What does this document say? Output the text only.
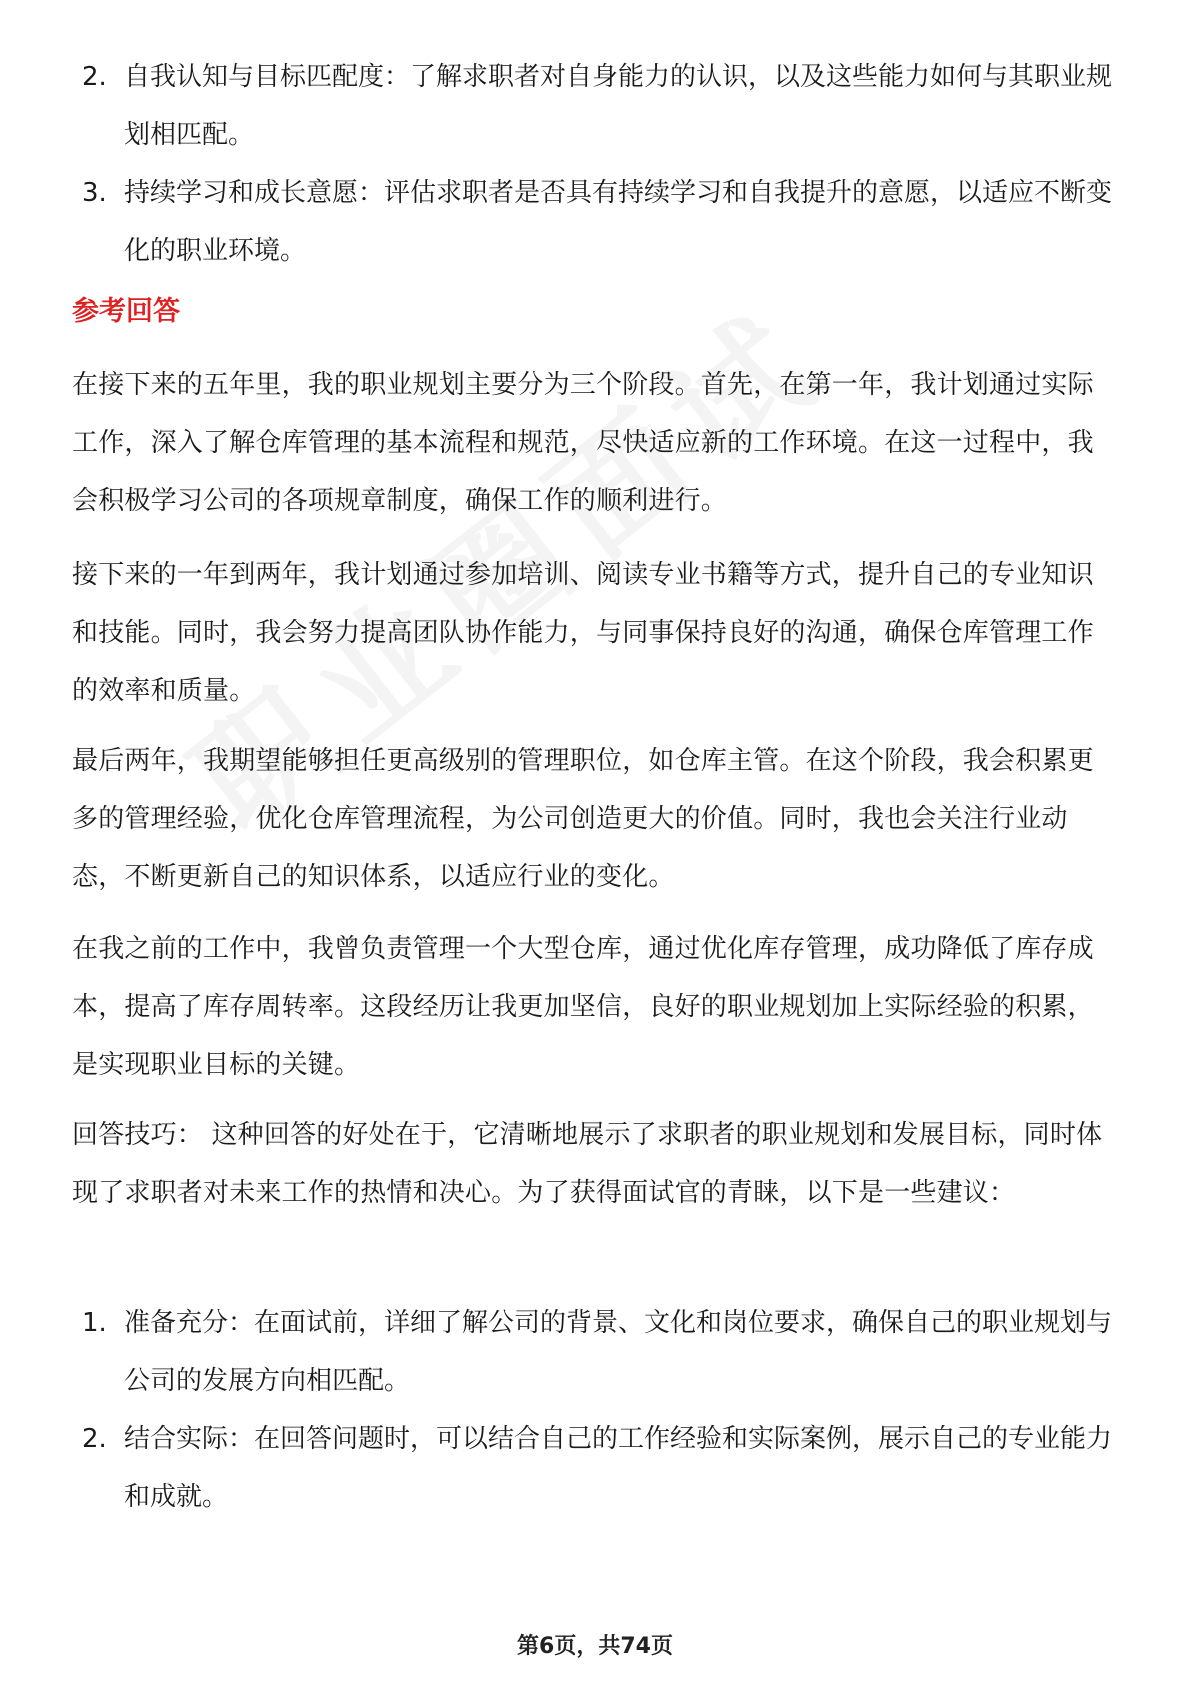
2. 自我认知与目标匹配度：了解求职者对自身能力的认识，以及这些能力如何与其职业规划相匹配。
3. 持续学习和成长意愿：评估求职者是否具有持续学习和自我提升的意愿，以适应不断变化的职业环境。
参考回答

在接下来的五年里，我的职业规划主要分为三个阶段。首先，在第一年，我计划通过实际工作，深入了解仓库管理的基本流程和规范，尽快适应新的工作环境。在这一过程中，我会积极学习公司的各项规章制度，确保工作的顺利进行。

接下来的一年到两年，我计划通过参加培训、阅读专业书籍等方式，提升自己的专业知识和技能。同时，我会努力提高团队协作能力，与同事保持良好的沟通，确保仓库管理工作的效率和质量。

最后两年，我期望能够担任更高级别的管理职位，如仓库主管。在这个阶段，我会积累更多的管理经验，优化仓库管理流程，为公司创造更大的价值。同时，我也会关注行业动态，不断更新自己的知识体系，以适应行业的变化。

在我之前的工作中，我曾负责管理一个大型仓库，通过优化库存管理，成功降低了库存成本，提高了库存周转率。这段经历让我更加坚信，良好的职业规划加上实际经验的积累，是实现职业目标的关键。

回答技巧： 这种回答的好处在于，它清晰地展示了求职者的职业规划和发展目标，同时体现了求职者对未来工作的热情和决心。为了获得面试官的青睐，以下是一些建议：

1. 准备充分：在面试前，详细了解公司的背景、文化和岗位要求，确保自己的职业规划与公司的发展方向相匹配。
2. 结合实际：在回答问题时，可以结合自己的工作经验和实际案例，展示自己的专业能力和成就。
第6页，共74页
